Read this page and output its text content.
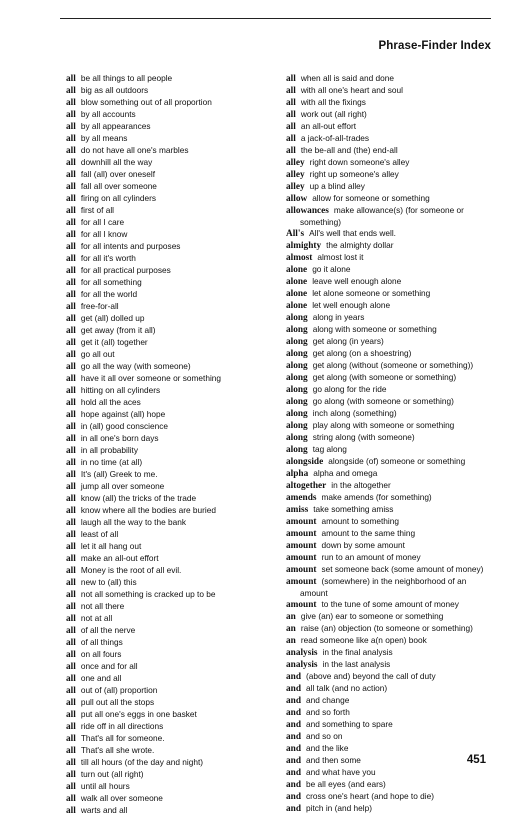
Phrase-Finder Index
all be all things to all people
all big as all outdoors
all blow something out of all proportion
all by all accounts
all by all appearances
all by all means
all do not have all one's marbles
all downhill all the way
all fall (all) over oneself
all fall all over someone
all firing on all cylinders
all first of all
all for all I care
all for all I know
all for all intents and purposes
all for all it's worth
all for all practical purposes
all for all something
all for all the world
all free-for-all
all get (all) dolled up
all get away (from it all)
all get it (all) together
all go all out
all go all the way (with someone)
all have it all over someone or something
all hitting on all cylinders
all hold all the aces
all hope against (all) hope
all in (all) good conscience
all in all one's born days
all in all probability
all in no time (at all)
all It's (all) Greek to me.
all jump all over someone
all know (all) the tricks of the trade
all know where all the bodies are buried
all laugh all the way to the bank
all least of all
all let it all hang out
all make an all-out effort
all Money is the root of all evil.
all new to (all) this
all not all something is cracked up to be
all not all there
all not at all
all of all the nerve
all of all things
all on all fours
all once and for all
all one and all
all out of (all) proportion
all pull out all the stops
all put all one's eggs in one basket
all ride off in all directions
all That's all for someone.
all That's all she wrote.
all till all hours (of the day and night)
all turn out (all right)
all until all hours
all walk all over someone
all warts and all
all when all is said and done
all with all one's heart and soul
all with all the fixings
all work out (all right)
all an all-out effort
all a jack-of-all-trades
all the be-all and (the) end-all
alley right down someone's alley
alley right up someone's alley
alley up a blind alley
allow allow for someone or something
allowances make allowance(s) (for someone or
something)
All's All's well that ends well.
almighty the almighty dollar
almost almost lost it
alone go it alone
alone leave well enough alone
alone let alone someone or something
alone let well enough alone
along along in years
along along with someone or something
along get along (in years)
along get along (on a shoestring)
along get along (without (someone or something))
along get along (with someone or something)
along go along for the ride
along go along (with someone or something)
along inch along (something)
along play along with someone or something
along string along (with someone)
along tag along
alongside alongside (of) someone or something
alpha alpha and omega
altogether in the altogether
amends make amends (for something)
amiss take something amiss
amount amount to something
amount amount to the same thing
amount down by some amount
amount run to an amount of money
amount set someone back (some amount of money)
amount (somewhere) in the neighborhood of an
amount
amount to the tune of some amount of money
an give (an) ear to someone or something
an raise (an) objection (to someone or something)
an read someone like a(n open) book
analysis in the final analysis
analysis in the last analysis
and (above and) beyond the call of duty
and all talk (and no action)
and and change
and and so forth
and and something to spare
and and so on
and and the like
and and then some
and and what have you
and be all eyes (and ears)
and cross one's heart (and hope to die)
and pitch in (and help)
451
